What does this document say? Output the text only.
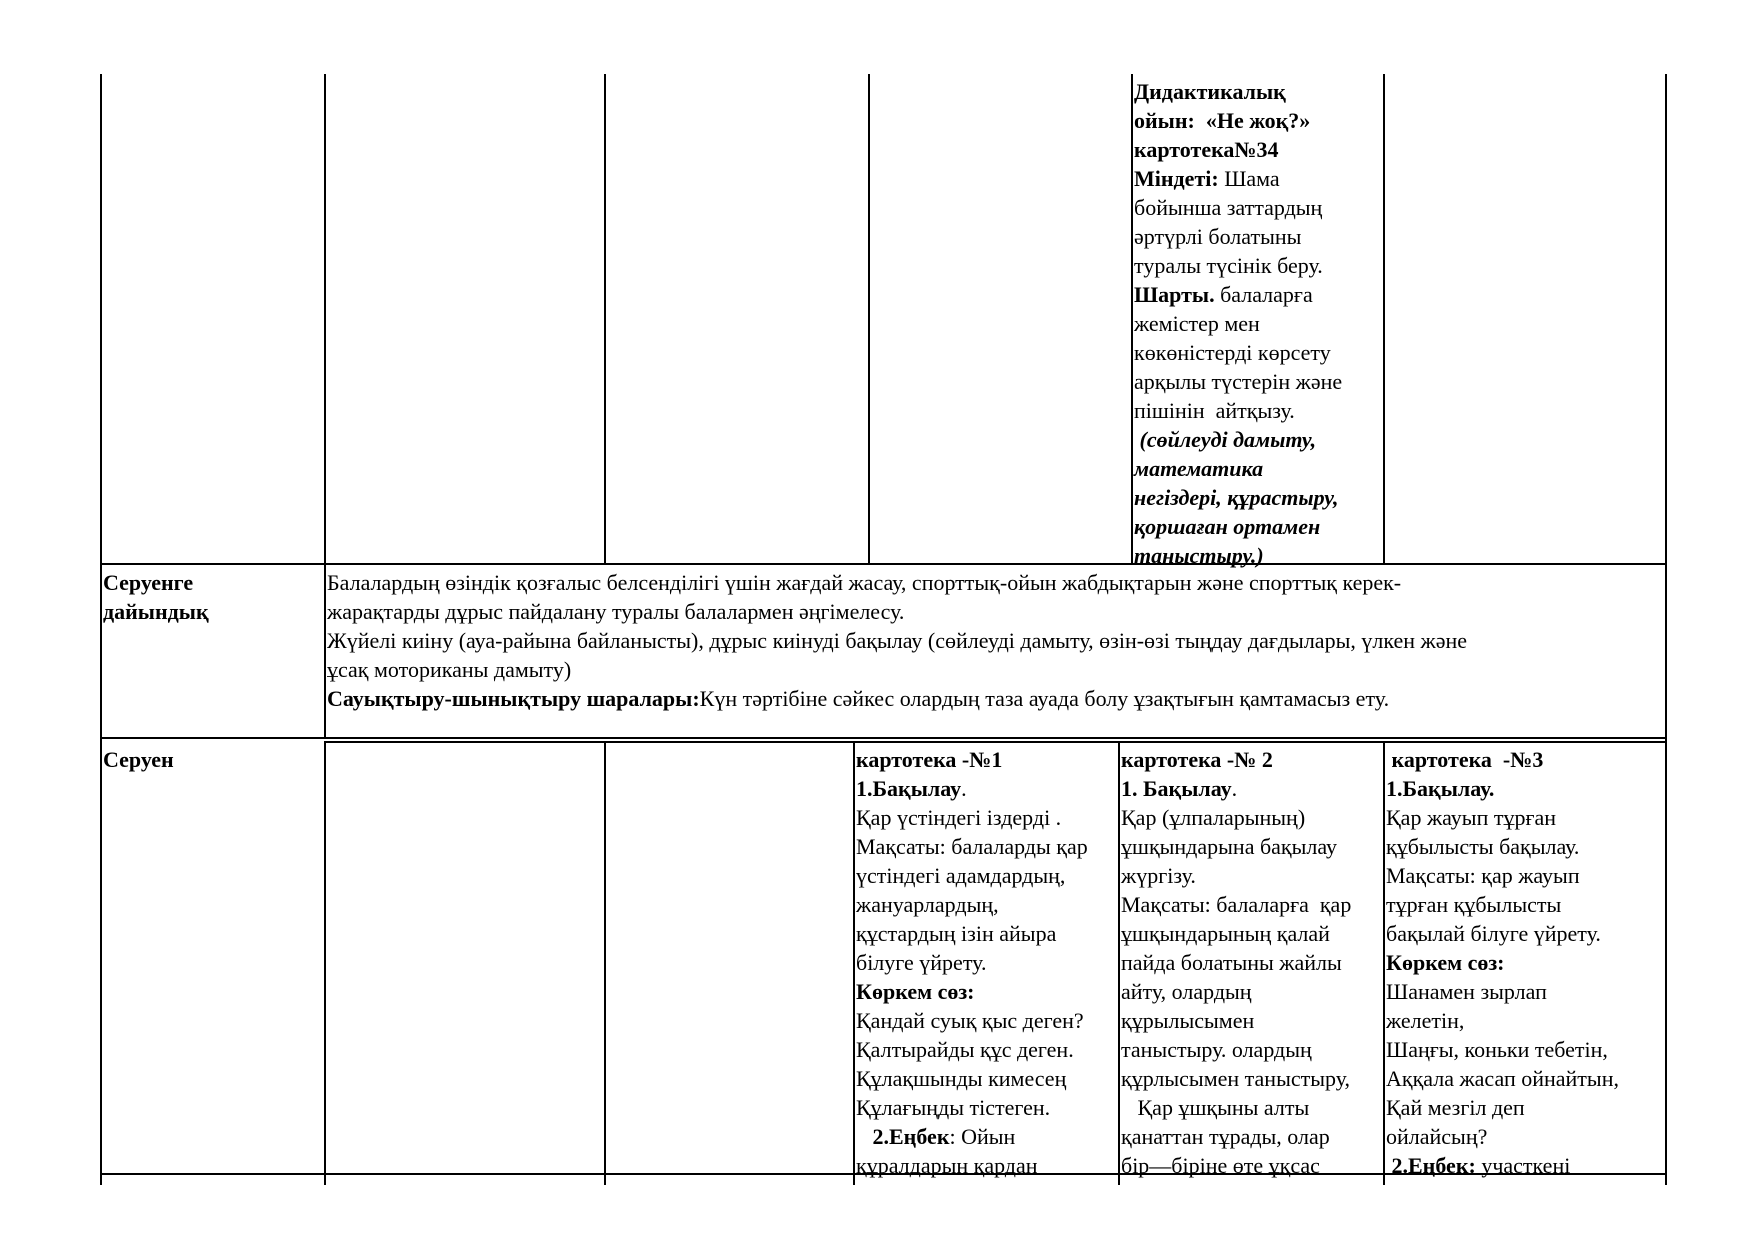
Дидактикалық
ойын:  «Не жоқ?»
картотека№34
Міндеті: Шама
бойынша заттардың
әртүрлі болатыны
туралы түсінік беру.
Шарты. балаларға
жемістер мен
көкөністерді көрсету
арқылы түстерін және
пішінін  айтқызу.
(сөйлеуді дамыту,
математика
негіздері, құрастыру,
қоршаған ортамен
таныстыру.)
Серуенге
дайындық
Балалардың өзіндік қозғалыс белсенділігі үшін жағдай жасау, спорттық-ойын жабдықтарын және спорттық керек-
жарақтарды дұрыс пайдалану туралы балалармен әңгімелесу.
Жүйелі киіну (ауа-райына байланысты), дұрыс киінуді бақылау (сөйлеуді дамыту, өзін-өзі тыңдау дағдылары, үлкен және
ұсақ моториканы дамыту)
Сауықтыру-шынықтыру шаралары:Күн тәртібіне сәйкес олардың таза ауада болу ұзақтығын қамтамасыз ету.
Серуен	картотека -№1
1.Бақылау.
Қар үстіндегі іздерді .
Мақсаты: балаларды қар
үстіндегі адамдардың,
жануарлардың,
құстардың ізін айыра
білуге үйрету.
Көркем сөз:
Қандай суық қыс деген?
Қалтырайды құс деген.
Құлақшынды кимесең
Құлағыңды тістеген.
2.Еңбек: Ойын
құралдарын қардан
картотека -№ 2
1. Бақылау.
Қар (ұлпаларының)
ұшқындарына бақылау
жүргізу.
Мақсаты: балаларға  қар
ұшқындарының қалай
пайда болатыны жайлы
айту, олардың
құрылысымен
таныстыру. олардың
құрлысымен таныстыру,
Қар ұшқыны алты
қанаттан тұрады, олар
бір—біріне өте ұқсас
картотека  -№3
1.Бақылау.
Қар жауып тұрған
құбылысты бақылау.
Мақсаты: қар жауып
тұрған құбылысты
бақылай білуге үйрету.
Көркем сөз:
Шанамен зырлап
желетін,
Шаңғы, коньки тебетін,
Аққала жасап ойнайтын,
Қай мезгіл деп
ойлайсың?
2.Еңбек: участкені
